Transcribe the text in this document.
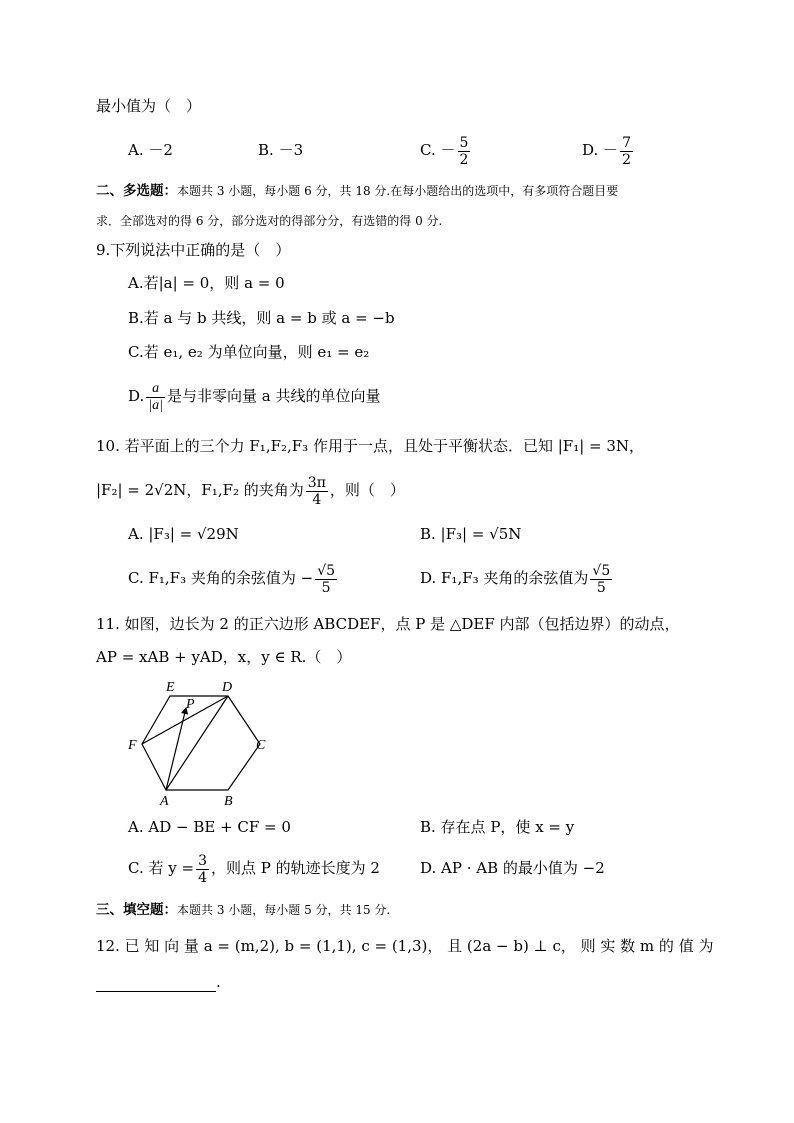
最小值为（　）
A. －2	B. －3	C. － $\frac{5}{2}$	D. － $\frac{7}{2}$
二、多选题：本题共 3 小题，每小题 6 分，共 18 分.在每小题给出的选项中，有多项符合题目要
求．全部选对的得 6 分，部分选对的得部分分，有选错的得 0 分.
9.下列说法中正确的是（　）
A.若|a| = 0，则 a = 0
B.若 a 与 b 共线，则 a = b 或 a = −b
C.若 e₁, e₂ 为单位向量，则 e₁ = e₂
D. $\frac{a}{|a|}$ 是与非零向量 a 共线的单位向量
10. 若平面上的三个力 F₁,F₂,F₃ 作用于一点，且处于平衡状态．已知 |F₁| = 3N，
|F₂| = 2√2N，F₁,F₂ 的夹角为 $\frac{3\pi}{4}$ ，则（　）
A. |F₃| = √29N	B. |F₃| = √5N
C. F₁,F₃ 夹角的余弦值为 − $\frac{√5}{5}$	D. F₁,F₃ 夹角的余弦值为 $\frac{√5}{5}$
11. 如图，边长为 2 的正六边形 ABCDEF，点 P 是 △DEF 内部（包括边界）的动点，
AP = xAB + yAD，x，y ∈ R.（　）
A	B
C
D
E
F
P
A. AD − BE + CF = 0	B. 存在点 P，使 x = y
C. 若 $y = \frac{3}{4}$ ，则点 P 的轨迹长度为 2	D. AP · AB 的最小值为 −2
三、填空题：本题共 3 小题，每小题 5 分，共 15 分.
12. 已 知 向 量 a = (m,2), b = (1,1), c = (1,3)， 且 (2a − b) ⊥ c， 则 实 数 m 的 值 为
.
